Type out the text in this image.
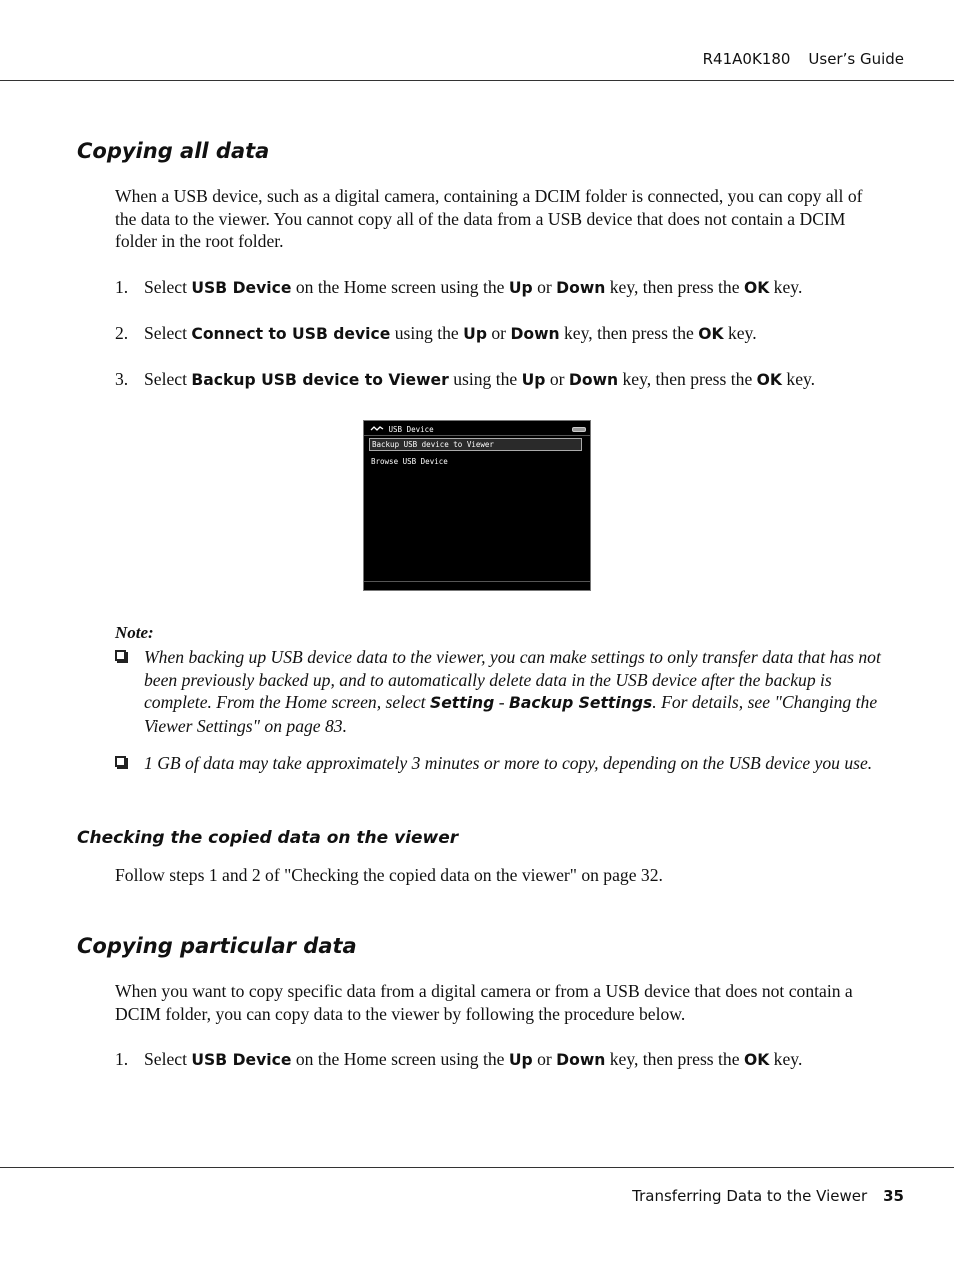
R41A0K180 User’s Guide
Copying all data

When a USB device, such as a digital camera, containing a DCIM folder is connected, you can copy all of the data to the viewer. You cannot copy all of the data from a USB device that does not contain a DCIM folder in the root folder.

1. Select USB Device on the Home screen using the Up or Down key, then press the OK key.

2. Select Connect to USB device using the Up or Down key, then press the OK key.

3. Select Backup USB device to Viewer using the Up or Down key, then press the OK key.

USB Device
Backup USB device to Viewer
Browse USB Device
Note:
When backing up USB device data to the viewer, you can make settings to only transfer data that has not been previously backed up, and to automatically delete data in the USB device after the backup is complete. From the Home screen, select Setting - Backup Settings. For details, see "Changing the Viewer Settings" on page 83.
1 GB of data may take approximately 3 minutes or more to copy, depending on the USB device you use.
Checking the copied data on the viewer

Follow steps 1 and 2 of "Checking the copied data on the viewer" on page 32.

Copying particular data

When you want to copy specific data from a digital camera or from a USB device that does not contain a DCIM folder, you can copy data to the viewer by following the procedure below.

1. Select USB Device on the Home screen using the Up or Down key, then press the OK key.

Transferring Data to the Viewer 35
